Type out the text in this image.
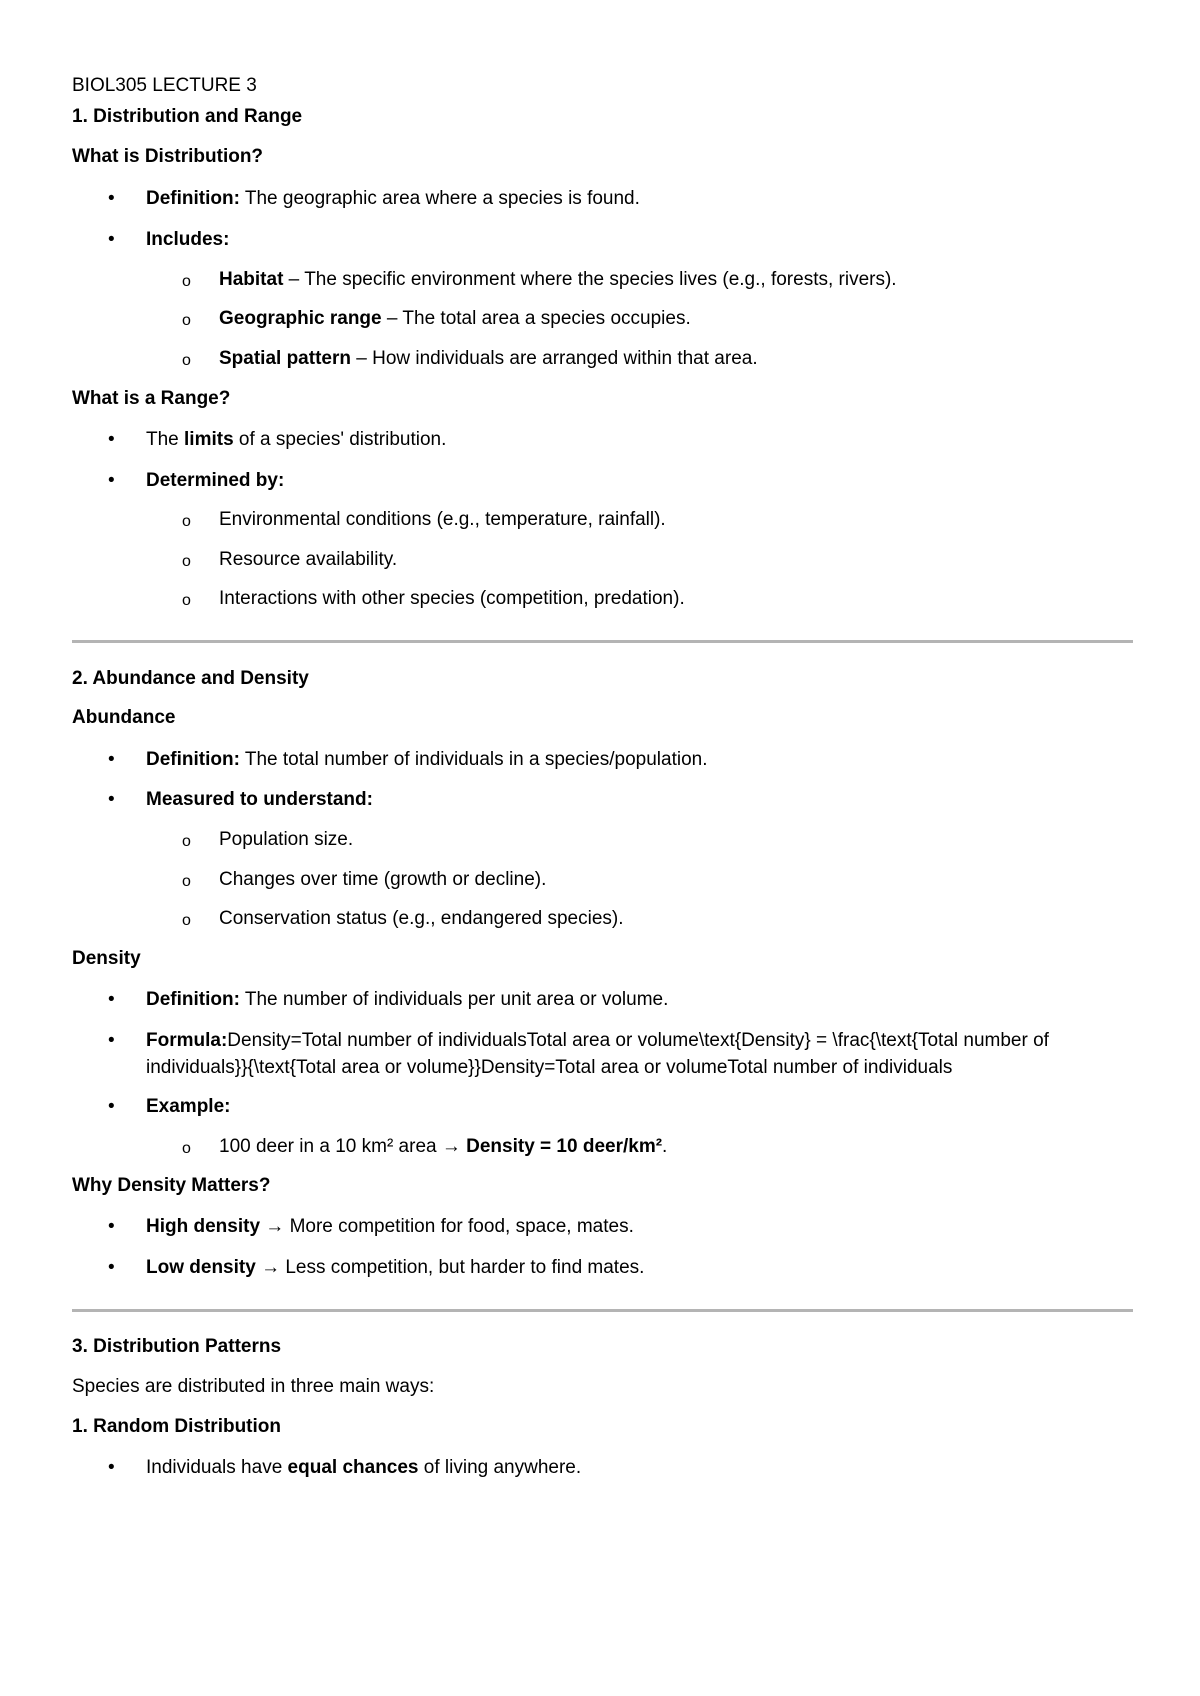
BIOL305 LECTURE 3

1. Distribution and Range

What is Distribution?

• Definition: The geographic area where a species is found.

• Includes:

o Habitat – The specific environment where the species lives (e.g., forests, rivers).

o Geographic range – The total area a species occupies.

o Spatial pattern – How individuals are arranged within that area.

What is a Range?

• The limits of a species' distribution.

• Determined by:

o Environmental conditions (e.g., temperature, rainfall).

o Resource availability.

o Interactions with other species (competition, predation).

2. Abundance and Density

Abundance

• Definition: The total number of individuals in a species/population.

• Measured to understand:

o Population size.

o Changes over time (growth or decline).

o Conservation status (e.g., endangered species).

Density

• Definition: The number of individuals per unit area or volume.

• Formula:Density=Total number of individualsTotal area or volume\text{Density} = \frac{\text{Total number of individuals}}{\text{Total area or volume}}Density=Total area or volumeTotal number of individuals

• Example:

o 100 deer in a 10 km² area → Density = 10 deer/km².

Why Density Matters?

• High density → More competition for food, space, mates.

• Low density → Less competition, but harder to find mates.

3. Distribution Patterns

Species are distributed in three main ways:

1. Random Distribution

• Individuals have equal chances of living anywhere.
